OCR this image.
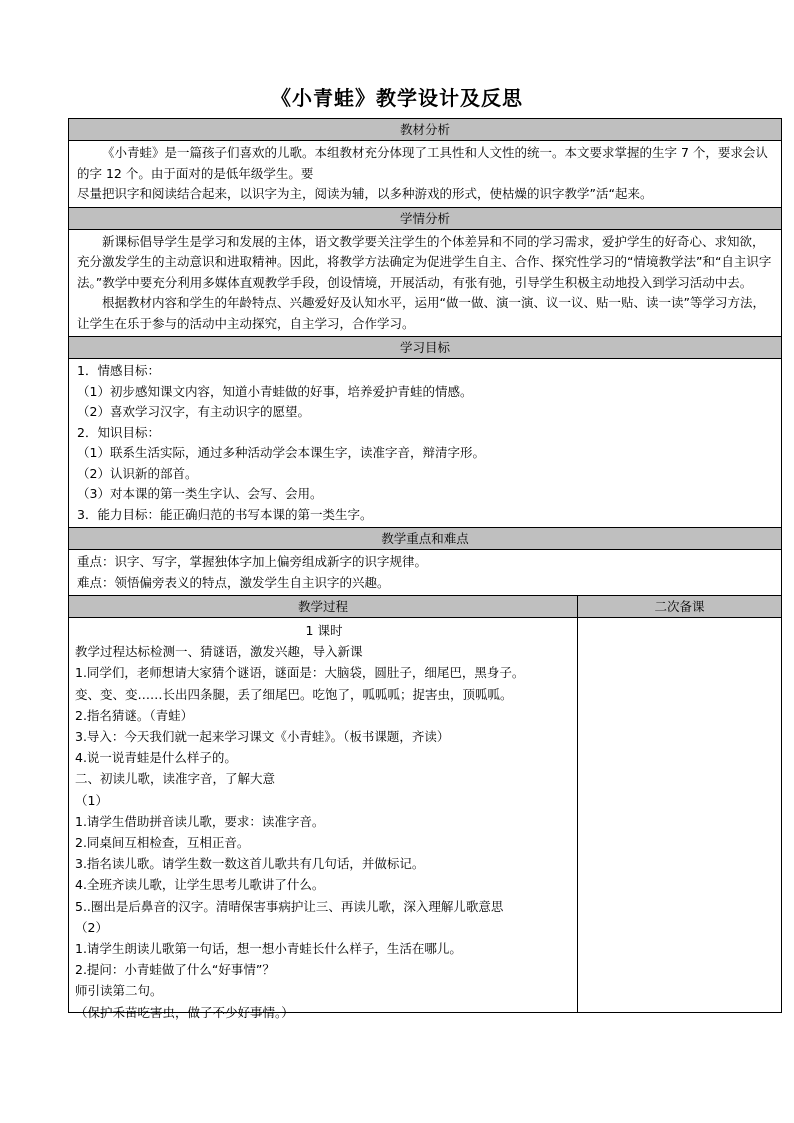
《小青蛙》教学设计及反思
教材分析

《小青蛙》是一篇孩子们喜欢的儿歌。本组教材充分体现了工具性和人文性的统一。本文要求掌握的生字 7 个，要求会认的字 12 个。由于面对的是低年级学生。要

尽量把识字和阅读结合起来，以识字为主，阅读为辅，以多种游戏的形式，使枯燥的识字教学”活“起来。

学情分析

新课标倡导学生是学习和发展的主体，语文教学要关注学生的个体差异和不同的学习需求，爱护学生的好奇心、求知欲，充分激发学生的主动意识和进取精神。因此，将教学方法确定为促进学生自主、合作、探究性学习的“情境教学法”和“自主识字法。”教学中要充分利用多媒体直观教学手段，创设情境，开展活动，有张有弛，引导学生积极主动地投入到学习活动中去。

根据教材内容和学生的年龄特点、兴趣爱好及认知水平，运用“做一做、演一演、议一议、贴一贴、读一读”等学习方法，让学生在乐于参与的活动中主动探究，自主学习，合作学习。

学习目标

1．情感目标：

（1）初步感知课文内容，知道小青蛙做的好事，培养爱护青蛙的情感。

（2）喜欢学习汉字，有主动识字的愿望。

2．知识目标：

（1）联系生活实际，通过多种活动学会本课生字，读准字音，辩清字形。

（2）认识新的部首。

（3）对本课的第一类生字认、会写、会用。

3．能力目标：能正确归范的书写本课的第一类生字。

教学重点和难点

重点：识字、写字，掌握独体字加上偏旁组成新字的识字规律。

难点：领悟偏旁表义的特点，激发学生自主识字的兴趣。

教学过程	二次备课

1 课时

教学过程达标检测一、猜谜语，激发兴趣，导入新课

1.同学们，老师想请大家猜个谜语，谜面是：大脑袋，圆肚子，细尾巴，黑身子。

变、变、变……长出四条腿，丢了细尾巴。吃饱了，呱呱呱；捉害虫，顶呱呱。

2.指名猜谜。（青蛙）

3.导入：今天我们就一起来学习课文《小青蛙》。（板书课题，齐读）

4.说一说青蛙是什么样子的。

二、初读儿歌，读准字音，了解大意

（1）

1.请学生借助拼音读儿歌，要求：读准字音。

2.同桌间互相检查，互相正音。

3.指名读儿歌。请学生数一数这首儿歌共有几句话，并做标记。

4.全班齐读儿歌，让学生思考儿歌讲了什么。

5..圈出是后鼻音的汉字。清晴保害事病护让三、再读儿歌，深入理解儿歌意思

（2）

1.请学生朗读儿歌第一句话，想一想小青蛙长什么样子，生活在哪儿。

2.提问：小青蛙做了什么“好事情”？

师引读第二句。

（保护禾苗吃害虫，做了不少好事情。）
